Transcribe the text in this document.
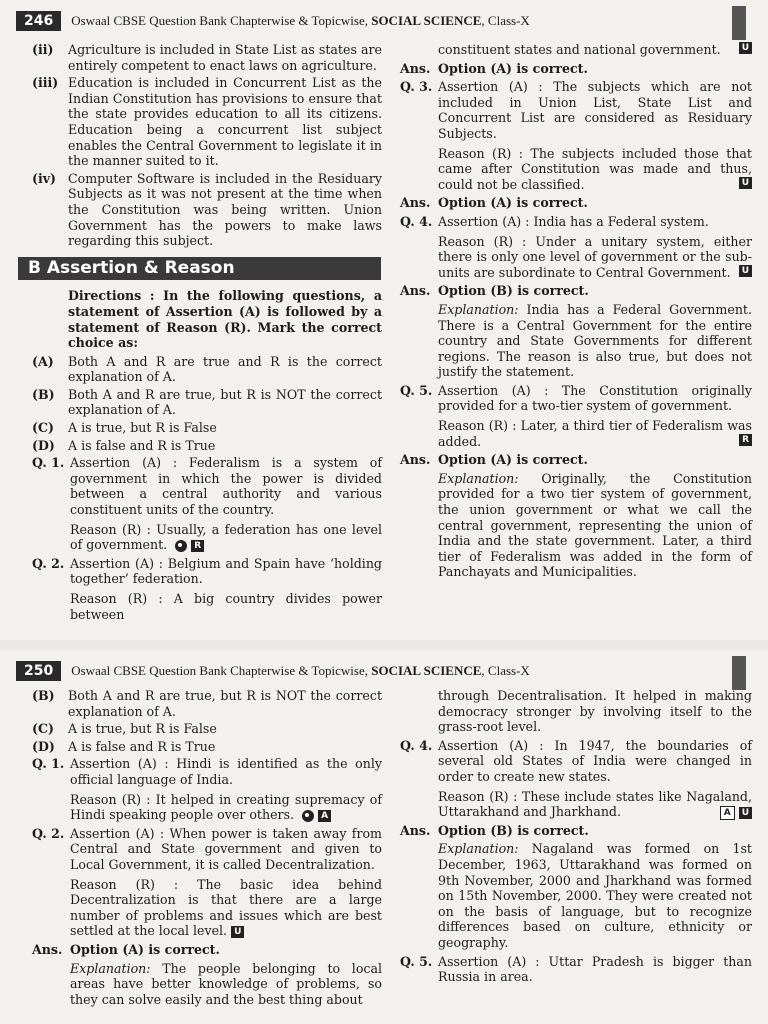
246	Oswaal CBSE Question Bank Chapterwise & Topicwise, SOCIAL SCIENCE, Class-X
(ii)	Agriculture is included in State List as states are entirely competent to enact laws on agriculture.
(iii) Education is included in Concurrent List as the Indian Constitution has provisions to ensure that the state provides education to all its citizens. Education being a concurrent list subject enables the Central Government to legislate it in the manner suited to it.
(iv) Computer Software is included in the Residuary Subjects as it was not present at the time when the Constitution was being written. Union Government has the powers to make laws regarding this subject.
B Assertion & Reason
Directions : In the following questions, a statement of Assertion (A) is followed by a statement of Reason (R). Mark the correct choice as:
(A)	Both A and R are true and R is the correct explanation of A.
(B)	Both A and R are true, but R is NOT the correct explanation of A.
(C)	A is true, but R is False
(D)	A is false and R is True
Q. 1. Assertion (A) : Federalism is a system of government in which the power is divided between a central authority and various constituent units of the country.
Reason (R) : Usually, a federation has one level of government.	R
Q. 2. Assertion (A) : Belgium and Spain have ‘holding together’ federation.
Reason (R) : A big country divides power between
constituent states and national government.	U
Ans. Option (A) is correct.
Q. 3. Assertion (A) : The subjects which are not included in Union List, State List and Concurrent List are considered as Residuary Subjects.
Reason (R) : The subjects included those that came after Constitution was made and thus, could not be classified.	U
Ans. Option (A) is correct.
Q. 4. Assertion (A) : India has a Federal system.
Reason (R) : Under a unitary system, either there is only one level of government or the sub-units are subordinate to Central Government.	U
Ans. Option (B) is correct.
Explanation: India has a Federal Government. There is a Central Government for the entire country and State Governments for different regions. The reason is also true, but does not justify the statement.
Q. 5. Assertion (A) : The Constitution originally provided for a two-tier system of government.
Reason (R) : Later, a third tier of Federalism was added.	R
Ans. Option (A) is correct.
Explanation: Originally, the Constitution provided for a two tier system of government, the union government or what we call the central government, representing the union of India and the state government. Later, a third tier of Federalism was added in the form of Panchayats and Municipalities.
250	Oswaal CBSE Question Bank Chapterwise & Topicwise, SOCIAL SCIENCE, Class-X
(B)	Both A and R are true, but R is NOT the correct explanation of A.
(C)	A is true, but R is False
(D)	A is false and R is True
Q. 1. Assertion (A) : Hindi is identified as the only official language of India.
Reason (R) : It helped in creating supremacy of Hindi speaking people over others.	A
Q. 2. Assertion (A) : When power is taken away from Central and State government and given to Local Government, it is called Decentralization.
Reason (R) : The basic idea behind Decentralization is that there are a large number of problems and issues which are best settled at the local level. U
Ans. Option (A) is correct.
Explanation: The people belonging to local areas have better knowledge of problems, so they can solve easily and the best thing about
through Decentralisation. It helped in making democracy stronger by involving itself to the grass-root level.
Q. 4. Assertion (A) : In 1947, the boundaries of several old States of India were changed in order to create new states.
Reason (R) : These include states like Nagaland, Uttarakhand and Jharkhand.	A U
Ans. Option (B) is correct.
Explanation: Nagaland was formed on 1st December, 1963, Uttarakhand was formed on 9th November, 2000 and Jharkhand was formed on 15th November, 2000. They were created not on the basis of language, but to recognize differences based on culture, ethnicity or geography.
Q. 5. Assertion (A) : Uttar Pradesh is bigger than Russia in area.
